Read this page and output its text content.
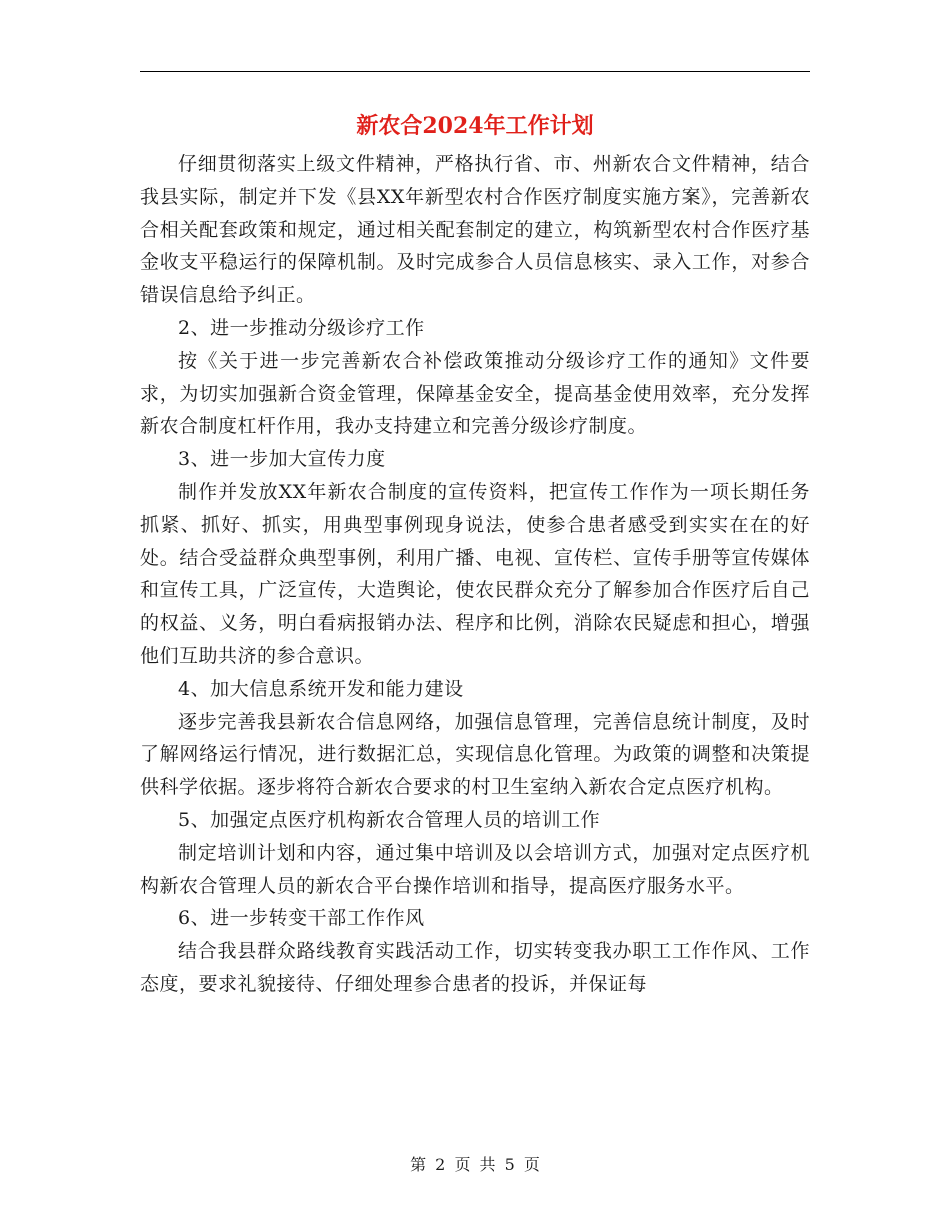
新农合2024年工作计划

仔细贯彻落实上级文件精神，严格执行省、市、州新农合文件精神，结合我县实际，制定并下发《县XX年新型农村合作医疗制度实施方案》，完善新农合相关配套政策和规定，通过相关配套制定的建立，构筑新型农村合作医疗基金收支平稳运行的保障机制。及时完成参合人员信息核实、录入工作，对参合错误信息给予纠正。

2、进一步推动分级诊疗工作

按《关于进一步完善新农合补偿政策推动分级诊疗工作的通知》文件要求，为切实加强新合资金管理，保障基金安全，提高基金使用效率，充分发挥新农合制度杠杆作用，我办支持建立和完善分级诊疗制度。

3、进一步加大宣传力度

制作并发放XX年新农合制度的宣传资料，把宣传工作作为一项长期任务抓紧、抓好、抓实，用典型事例现身说法，使参合患者感受到实实在在的好处。结合受益群众典型事例，利用广播、电视、宣传栏、宣传手册等宣传媒体和宣传工具，广泛宣传，大造舆论，使农民群众充分了解参加合作医疗后自己的权益、义务，明白看病报销办法、程序和比例，消除农民疑虑和担心，增强他们互助共济的参合意识。

4、加大信息系统开发和能力建设

逐步完善我县新农合信息网络，加强信息管理，完善信息统计制度，及时了解网络运行情况，进行数据汇总，实现信息化管理。为政策的调整和决策提供科学依据。逐步将符合新农合要求的村卫生室纳入新农合定点医疗机构。

5、加强定点医疗机构新农合管理人员的培训工作

制定培训计划和内容，通过集中培训及以会培训方式，加强对定点医疗机构新农合管理人员的新农合平台操作培训和指导，提高医疗服务水平。

6、进一步转变干部工作作风

结合我县群众路线教育实践活动工作，切实转变我办职工工作作风、工作态度，要求礼貌接待、仔细处理参合患者的投诉，并保证每

第 2 页 共 5 页
